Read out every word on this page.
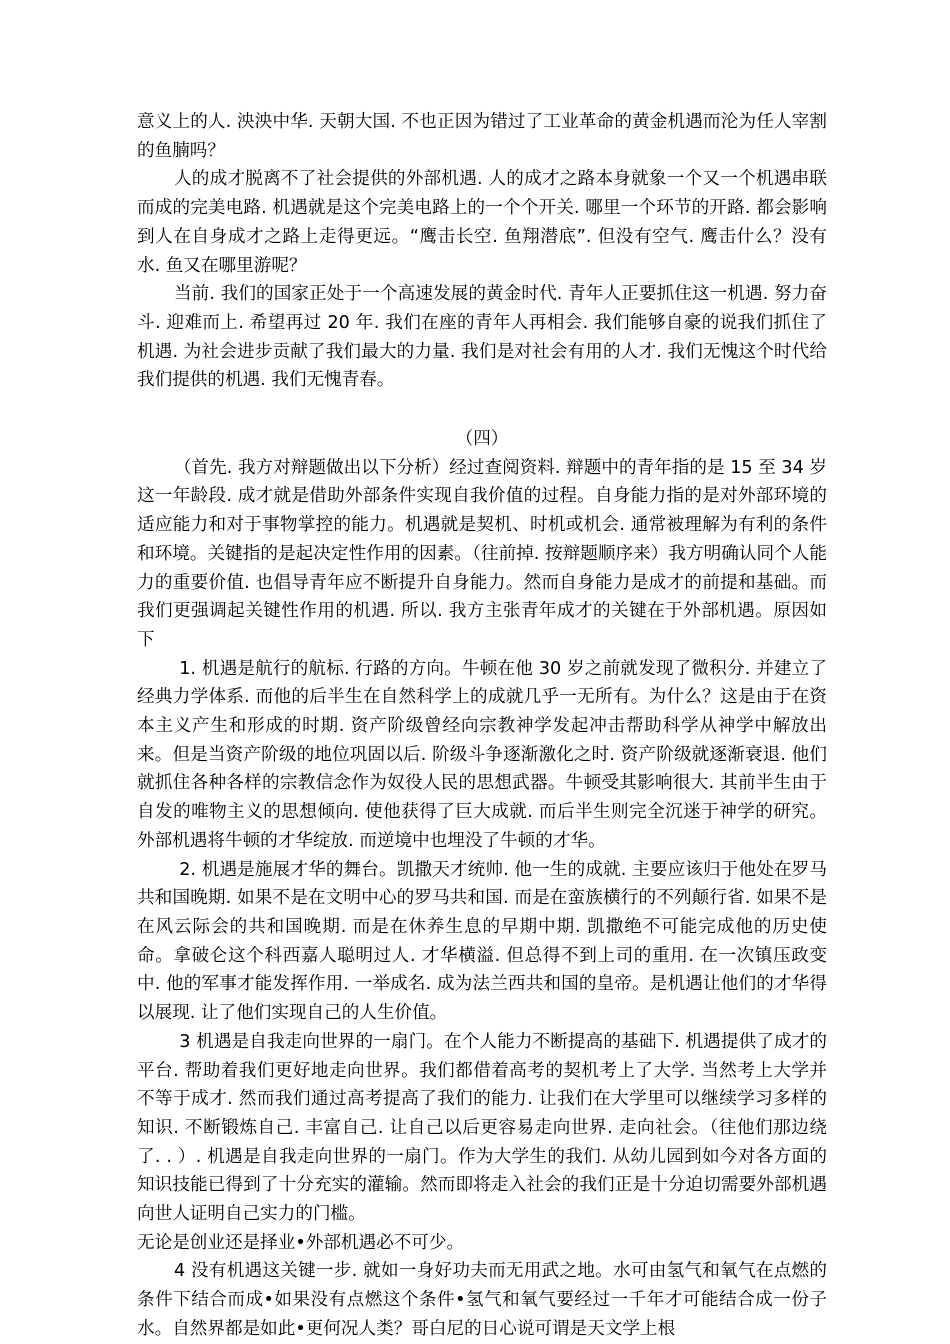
意义上的人. 泱泱中华. 天朝大国. 不也正因为错过了工业革命的黄金机遇而沦为任人宰割的鱼腩吗？

人的成才脱离不了社会提供的外部机遇. 人的成才之路本身就象一个又一个机遇串联而成的完美电路. 机遇就是这个完美电路上的一个个开关. 哪里一个环节的开路. 都会影响到人在自身成才之路上走得更远。“鹰击长空. 鱼翔潜底”. 但没有空气. 鹰击什么？没有水. 鱼又在哪里游呢？

当前. 我们的国家正处于一个高速发展的黄金时代. 青年人正要抓住这一机遇. 努力奋斗. 迎难而上. 希望再过 20 年. 我们在座的青年人再相会. 我们能够自豪的说我们抓住了机遇. 为社会进步贡献了我们最大的力量. 我们是对社会有用的人才. 我们无愧这个时代给我们提供的机遇. 我们无愧青春。

（四）

（首先. 我方对辩题做出以下分析）经过查阅资料. 辩题中的青年指的是 15 至 34 岁这一年龄段. 成才就是借助外部条件实现自我价值的过程。自身能力指的是对外部环境的适应能力和对于事物掌控的能力。机遇就是契机、时机或机会. 通常被理解为有利的条件和环境。关键指的是起决定性作用的因素。（往前掉. 按辩题顺序来）我方明确认同个人能力的重要价值. 也倡导青年应不断提升自身能力。然而自身能力是成才的前提和基础。而我们更强调起关键性作用的机遇. 所以. 我方主张青年成才的关键在于外部机遇。原因如下

1. 机遇是航行的航标. 行路的方向。牛顿在他 30 岁之前就发现了微积分. 并建立了经典力学体系. 而他的后半生在自然科学上的成就几乎一无所有。为什么？这是由于在资本主义产生和形成的时期. 资产阶级曾经向宗教神学发起冲击帮助科学从神学中解放出来。但是当资产阶级的地位巩固以后. 阶级斗争逐渐激化之时. 资产阶级就逐渐衰退. 他们就抓住各种各样的宗教信念作为奴役人民的思想武器。牛顿受其影响很大. 其前半生由于自发的唯物主义的思想倾向. 使他获得了巨大成就. 而后半生则完全沉迷于神学的研究。外部机遇将牛顿的才华绽放. 而逆境中也埋没了牛顿的才华。

2. 机遇是施展才华的舞台。凯撒天才统帅. 他一生的成就. 主要应该归于他处在罗马共和国晚期. 如果不是在文明中心的罗马共和国. 而是在蛮族横行的不列颠行省. 如果不是在风云际会的共和国晚期. 而是在休养生息的早期中期. 凯撒绝不可能完成他的历史使命。拿破仑这个科西嘉人聪明过人. 才华横溢. 但总得不到上司的重用. 在一次镇压政变中. 他的军事才能发挥作用. 一举成名. 成为法兰西共和国的皇帝。是机遇让他们的才华得以展现. 让了他们实现自己的人生价值。

3 机遇是自我走向世界的一扇门。在个人能力不断提高的基础下. 机遇提供了成才的平台. 帮助着我们更好地走向世界。我们都借着高考的契机考上了大学. 当然考上大学并不等于成才. 然而我们通过高考提高了我们的能力. 让我们在大学里可以继续学习多样的知识. 不断锻炼自己. 丰富自己. 让自己以后更容易走向世界. 走向社会。（往他们那边绕了. . ）. 机遇是自我走向世界的一扇门。作为大学生的我们. 从幼儿园到如今对各方面的知识技能已得到了十分充实的灌输。然而即将走入社会的我们正是十分迫切需要外部机遇向世人证明自己实力的门槛。

无论是创业还是择业•外部机遇必不可少。

4 没有机遇这关键一步. 就如一身好功夫而无用武之地。水可由氢气和氧气在点燃的条件下结合而成•如果没有点燃这个条件•氢气和氧气要经过一千年才可能结合成一份子水。自然界都是如此•更何况人类？哥白尼的日心说可谓是天文学上根
